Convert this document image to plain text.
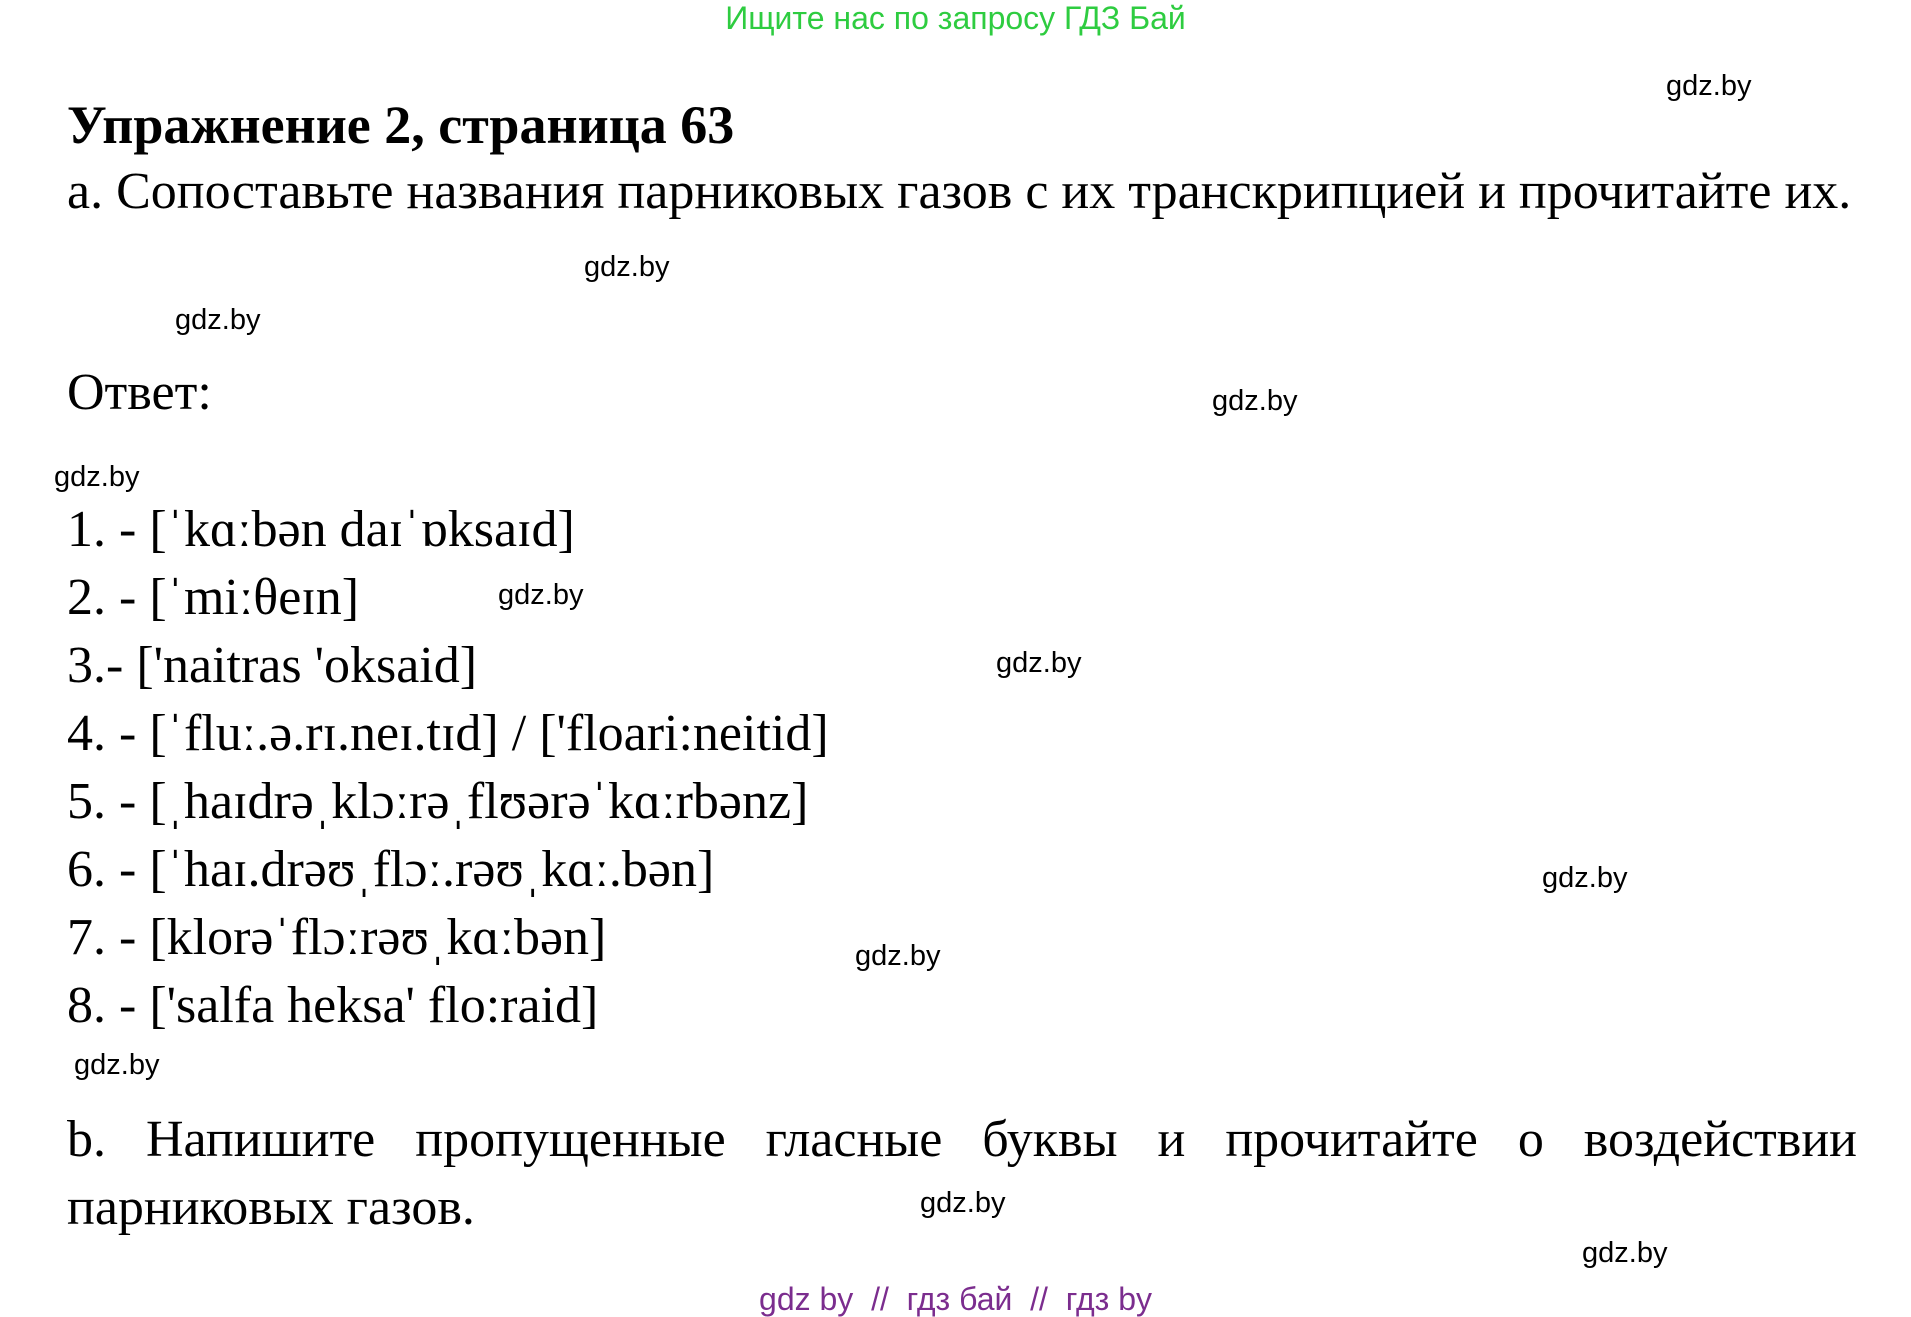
Ищите нас по запросу ГДЗ Бай
gdz.by
Упражнение 2, страница 63
a. Сопоставьте названия парниковых газов с их транскрипцией и прочитайте их.
gdz.by
gdz.by
Ответ:	gdz.by
gdz.by
1. - [ˈkɑːbən daɪˈɒksaɪd]
2. - [ˈmiːθeɪn]
3.- ['naitras 'oksaid]
4. - [ˈfluː.ə.rɪ.neɪ.tɪd] / ['floari:neitid]
5. - [ˌhaɪdrəˌklɔːrəˌflʊərəˈkɑːrbənz]
6. - [ˈhaɪ.drəʊˌflɔː.rəʊˌkɑː.bən]
7. - [klorəˈflɔːrəʊˌkɑːbən]
8. - ['salfa heksa' flo:raid]
gdz.by
gdz.by
gdz.by
gdz.by
gdz.by
b. Напишите пропущенные гласные буквы и прочитайте о воздействии парниковых газов.	gdz.by
gdz.by
gdz by  //  гдз бай  //  гдз by
